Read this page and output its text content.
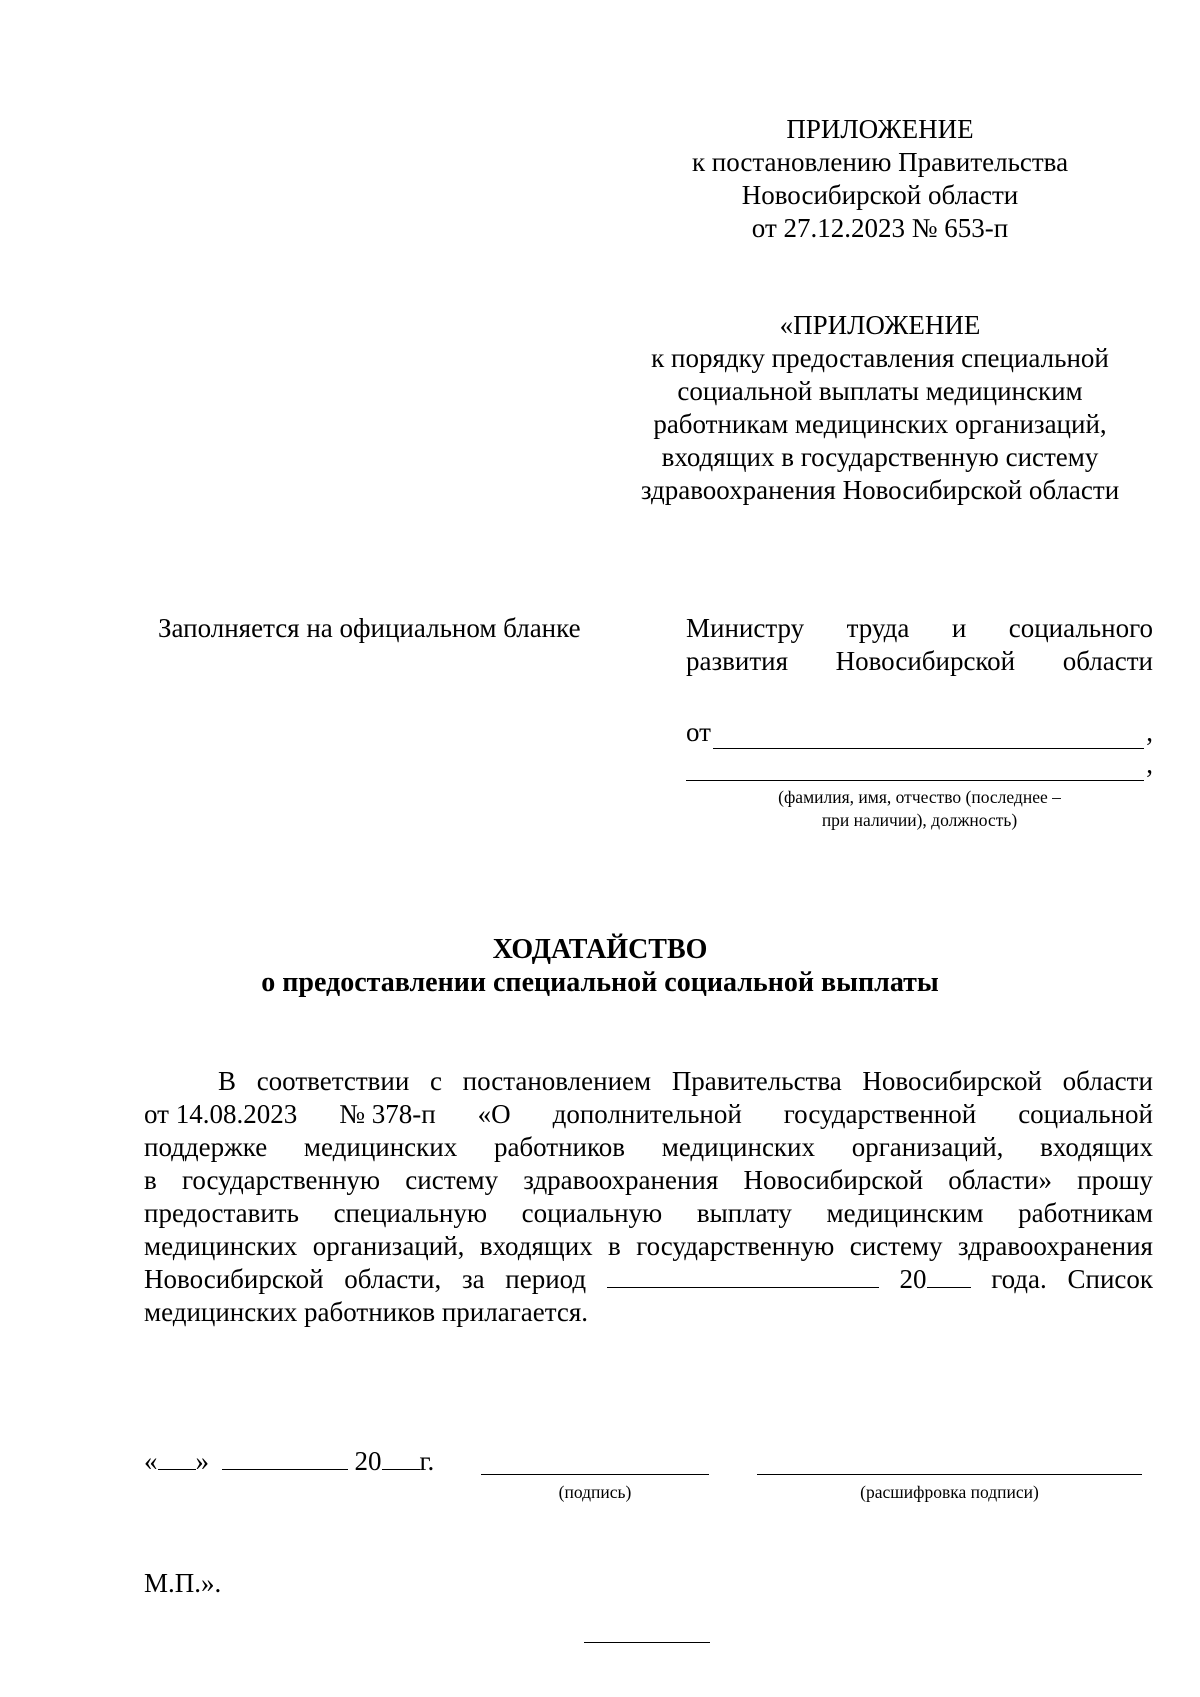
ПРИЛОЖЕНИЕ
к постановлению Правительства
Новосибирской области
от 27.12.2023 № 653-п
«ПРИЛОЖЕНИЕ
к порядку предоставления специальной
социальной выплаты медицинским
работникам медицинских организаций,
входящих в государственную систему
здравоохранения Новосибирской области
Заполняется на официальном бланке	Министру труда и социального
развития Новосибирской области
от	,
,
(фамилия, имя, отчество (последнее –
при наличии), должность)
ХОДАТАЙСТВО
о предоставлении специальной социальной выплаты
В соответствии с постановлением Правительства Новосибирской области
от 14.08.2023 № 378-п «О дополнительной государственной социальной
поддержке медицинских работников медицинских организаций, входящих
в государственную систему здравоохранения Новосибирской области» прошу
предоставить специальную социальную выплату медицинским работникам
медицинских организаций, входящих в государственную систему здравоохранения
Новосибирской области, за период	20	года. Список
медицинских работников прилагается.
« »	20 г.
(подпись)	(расшифровка подписи)
М.П.».
